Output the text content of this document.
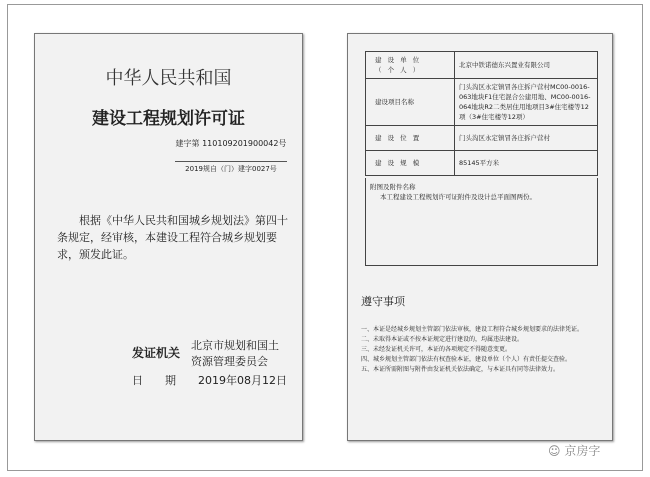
中华人民共和国
建设工程规划许可证
建字第 110109201900042号
2019规自（门）建字0027号
根据《中华人民共和国城乡规划法》第四十条规定，经审核，本建设工程符合城乡规划要求，颁发此证。
发证机关
北京市规划和国土
资源管理委员会
日 期	2019年08月12日
建 设 单 位
（ 个 人 ）	北京中铁诺德东兴置业有限公司
建设项目名称	门头沟区永定镇冒各庄拆户营村MC00-0016-063地块F1住宅混合公建用地、MC00-0016-064地块R2二类居住用地项目3#住宅楼等12项（3#住宅楼等12项）
建 设 位 置	门头沟区永定镇冒各庄拆户营村
建 设 规 模	85145平方米
附图及附件名称
本工程建设工程规划许可证附件及设计总平面图两份。
遵守事项
一、本证是经城乡规划主管部门依法审核，建设工程符合城乡规划要求的法律凭证。
二、未取得本证或不按本证规定进行建设的，均属违法建设。
三、未经发证机关许可，本证的各项规定不得随意变更。
四、城乡规划主管部门依法有权查验本证，建设单位（个人）有责任提交查验。
五、本证所需附图与附件由发证机关依法确定，与本证具有同等法律效力。
☺ 京房字
